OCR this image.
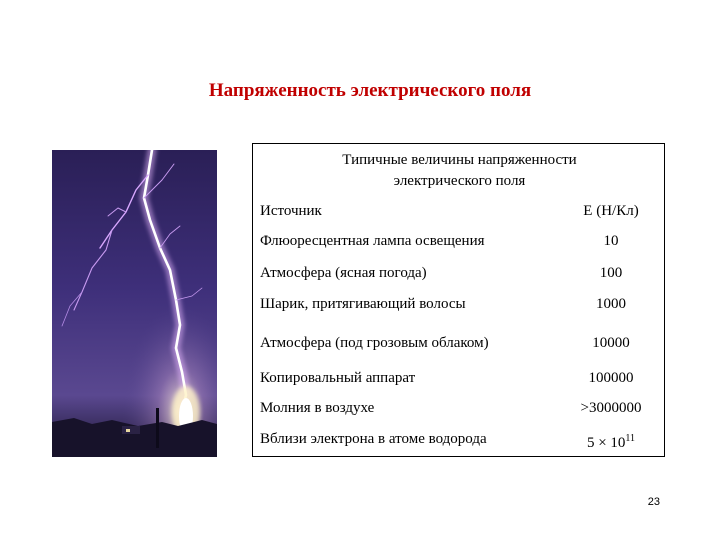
Напряженность электрического поля
Типичные величины напряженности
электрического поля
Источник	E (Н/Кл)
Флюоресцентная лампа освещения	10
Атмосфера (ясная погода)	100
Шарик, притягивающий волосы	1000
Атмосфера (под грозовым облаком)	10000
Копировальный аппарат	100000
Молния в воздухе	>3000000
Вблизи электрона в атоме водорода	$5 \times 10^{11}$
23
